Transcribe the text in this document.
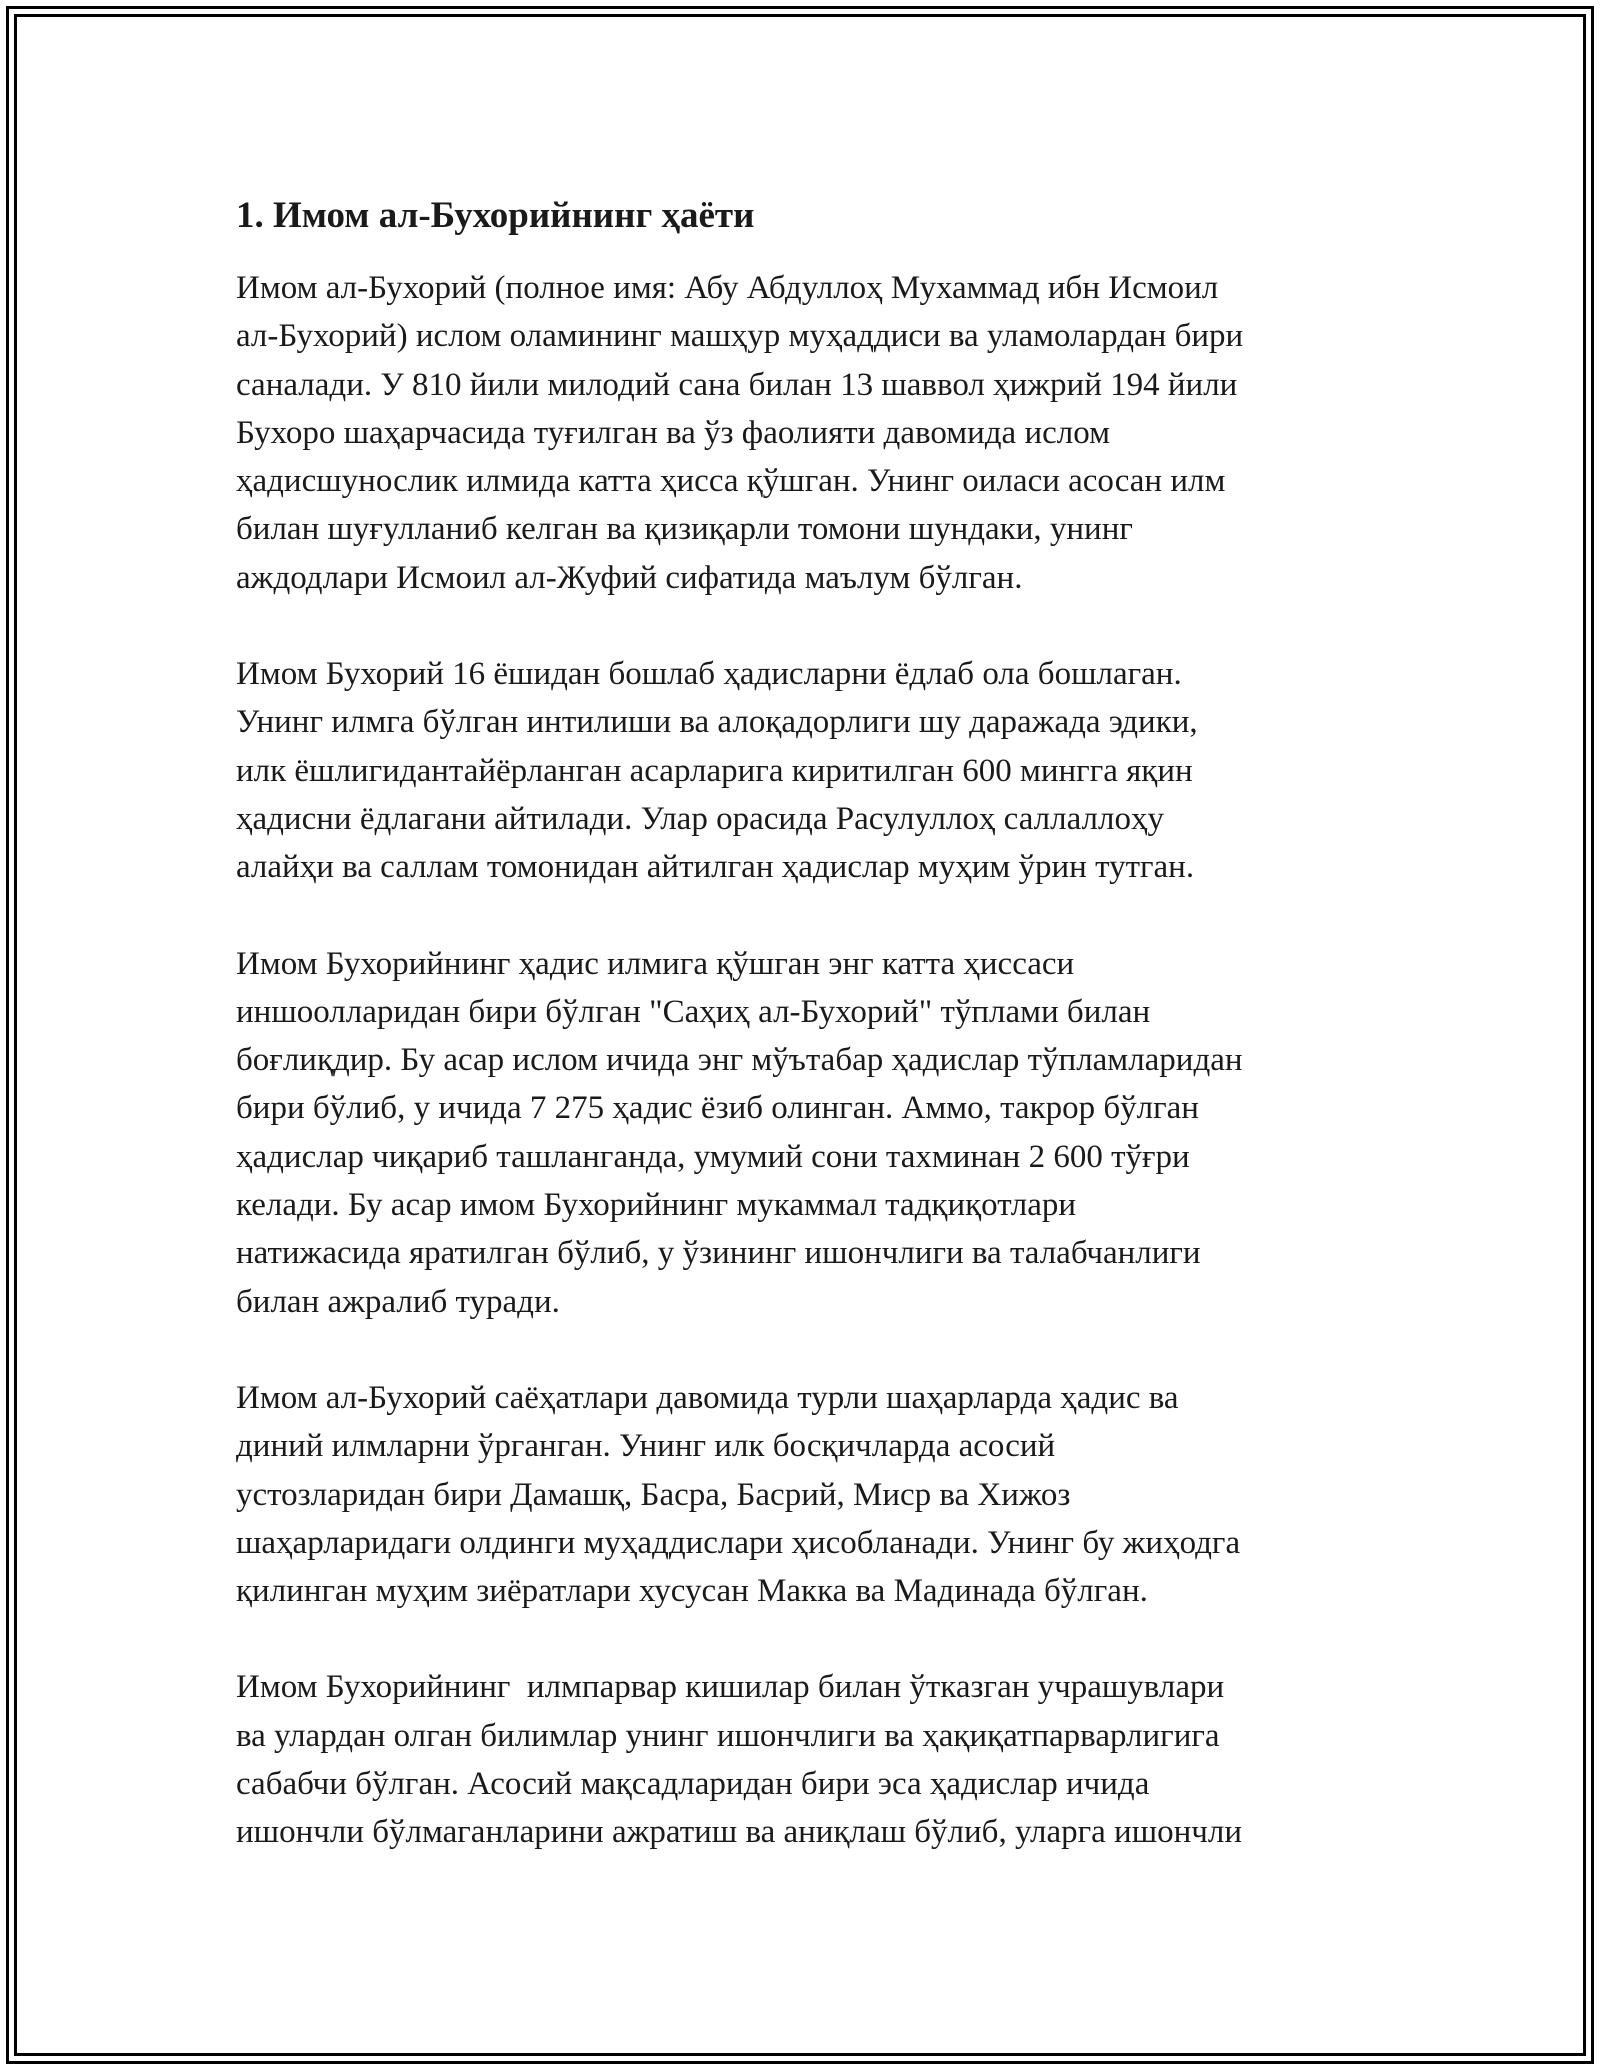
1. Имом ал-Бухорийнинг ҳаёти

Имом ал-Бухорий (полное имя: Абу Абдуллоҳ Мухаммад ибн Исмоил
ал-Бухорий) ислом оламининг машҳур муҳаддиси ва уламолардан бири
саналади. У 810 йили милодий сана билан 13 шаввол ҳижрий 194 йили
Бухоро шаҳарчасида туғилган ва ўз фаолияти давомида ислом
ҳадисшунослик илмида катта ҳисса қўшган. Унинг оиласи асосан илм
билан шуғулланиб келган ва қизиқарли томони шундаки, унинг
аждодлари Исмоил ал-Жуфий сифатида маълум бўлган.

Имом Бухорий 16 ёшидан бошлаб ҳадисларни ёдлаб ола бошлаган.
Унинг илмга бўлган интилиши ва алоқадорлиги шу даражада эдики,
илк ёшлигидантайёрланган асарларига киритилган 600 мингга яқин
ҳадисни ёдлагани айтилади. Улар орасида Расулуллоҳ саллаллоҳу
алайҳи ва саллам томонидан айтилган ҳадислар муҳим ўрин тутган.

Имом Бухорийнинг ҳадис илмига қўшган энг катта ҳиссаси
иншоолларидан бири бўлган "Саҳиҳ ал-Бухорий" тўплами билан
боғлиқдир. Бу асар ислом ичида энг мўътабар ҳадислар тўпламларидан
бири бўлиб, у ичида 7 275 ҳадис ёзиб олинган. Аммо, такрор бўлган
ҳадислар чиқариб ташланганда, умумий сони тахминан 2 600 тўғри
келади. Бу асар имом Бухорийнинг мукаммал тадқиқотлари
натижасида яратилган бўлиб, у ўзининг ишончлиги ва талабчанлиги
билан ажралиб туради.

Имом ал-Бухорий саёҳатлари давомида турли шаҳарларда ҳадис ва
диний илмларни ўрганган. Унинг илк босқичларда асосий
устозларидан бири Дамашқ, Басра, Басрий, Миср ва Хижоз
шаҳарларидаги олдинги муҳаддислари ҳисобланади. Унинг бу жиҳодга
қилинган муҳим зиёратлари хусусан Макка ва Мадинада бўлган.

Имом Бухорийнинг  илмпарвар кишилар билан ўтказган учрашувлари
ва улардан олган билимлар унинг ишончлиги ва ҳақиқатпарварлигига
сабабчи бўлган. Асосий мақсадларидан бири эса ҳадислар ичида
ишончли бўлмаганларини ажратиш ва аниқлаш бўлиб, уларга ишончли
